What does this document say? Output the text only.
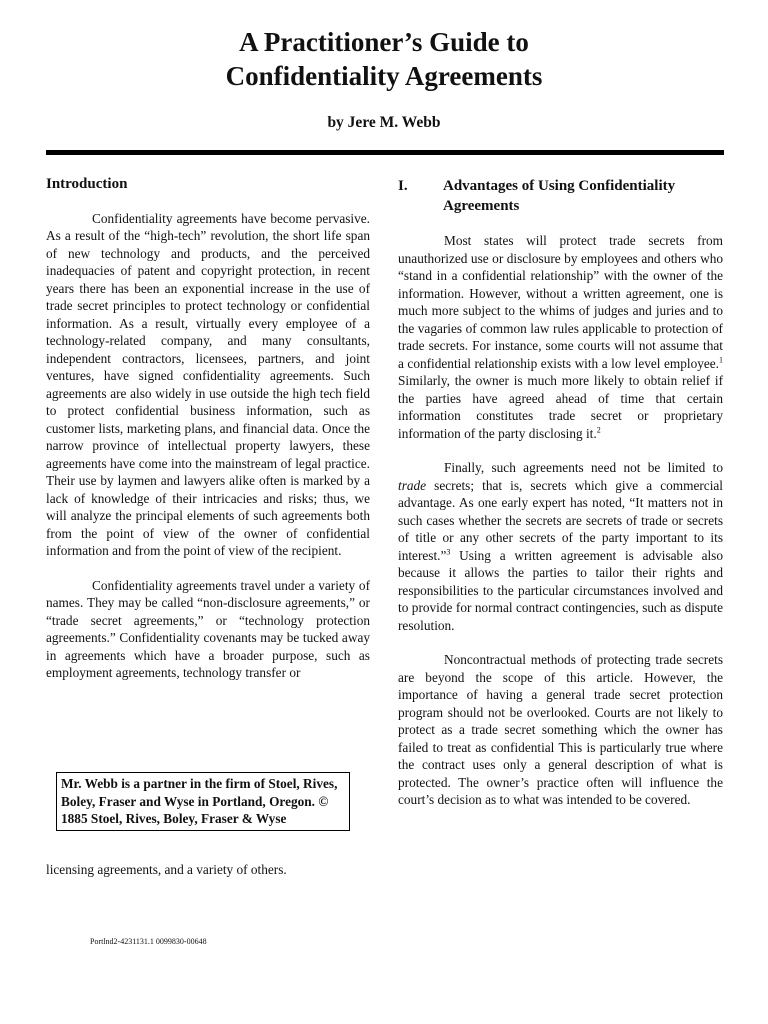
A Practitioner’s Guide to
Confidentiality Agreements
by Jere M. Webb
Introduction

Confidentiality agreements have become pervasive. As a result of the “high-tech” revolution, the short life span of new technology and products, and the perceived inadequacies of patent and copyright protection, in recent years there has been an exponential increase in the use of trade secret principles to protect technology or confidential information. As a result, virtually every employee of a technology-related company, and many consultants, independent contractors, licensees, partners, and joint ventures, have signed confidentiality agreements. Such agreements are also widely in use outside the high tech field to protect confidential business information, such as customer lists, marketing plans, and financial data. Once the narrow province of intellectual property lawyers, these agreements have come into the mainstream of legal practice. Their use by laymen and lawyers alike often is marked by a lack of knowledge of their intricacies and risks; thus, we will analyze the principal elements of such agreements both from the point of view of the owner of confidential information and from the point of view of the recipient.

Confidentiality agreements travel under a variety of names. They may be called “non-disclosure agreements,” or “trade secret agreements,” or “technology protection agreements.” Confidentiality covenants may be tucked away in agreements which have a broader purpose, such as employment agreements, technology transfer or

Mr. Webb is a partner in the firm of Stoel, Rives, Boley, Fraser and Wyse in Portland, Oregon. © 1885 Stoel, Rives, Boley, Fraser & Wyse
licensing agreements, and a variety of others.
Portlnd2-4231131.1 0099830-00648
I. Advantages of Using Confidentiality
Agreements

Most states will protect trade secrets from unauthorized use or disclosure by employees and others who “stand in a confidential relationship” with the owner of the information. However, without a written agreement, one is much more subject to the whims of judges and juries and to the vagaries of common law rules applicable to protection of trade secrets. For instance, some courts will not assume that a confidential relationship exists with a low level employee.$^1$ Similarly, the owner is much more likely to obtain relief if the parties have agreed ahead of time that certain information constitutes trade secret or proprietary information of the party disclosing it.$^2$

Finally, such agreements need not be limited to trade secrets; that is, secrets which give a commercial advantage. As one early expert has noted, “It matters not in such cases whether the secrets are secrets of trade or secrets of title or any other secrets of the party important to its interest.”$^3$ Using a written agreement is advisable also because it allows the parties to tailor their rights and responsibilities to the particular circumstances involved and to provide for normal contract contingencies, such as dispute resolution.

Noncontractual methods of protecting trade secrets are beyond the scope of this article. However, the importance of having a general trade secret protection program should not be overlooked. Courts are not likely to protect as a trade secret something which the owner has failed to treat as confidential This is particularly true where the contract uses only a general description of what is protected. The owner’s practice often will influence the court’s decision as to what was intended to be covered.
